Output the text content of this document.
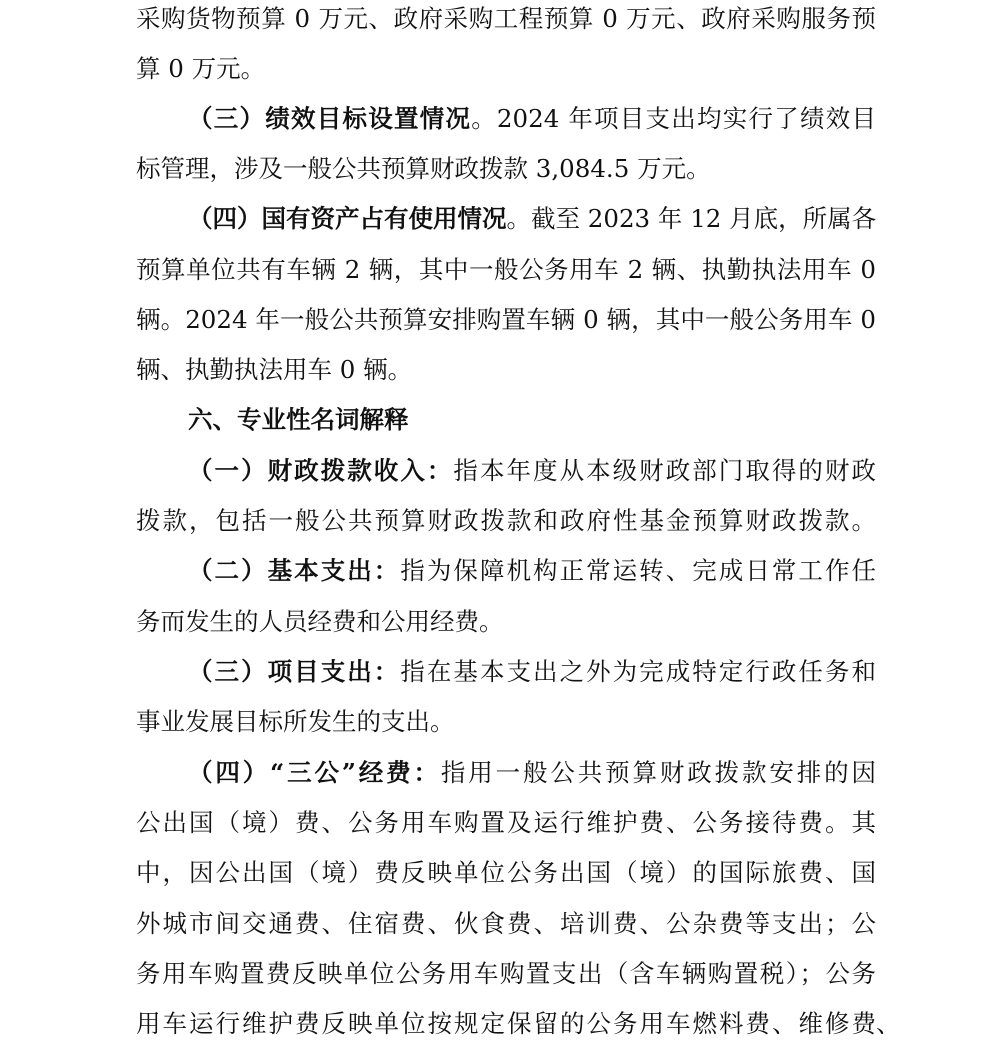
采购货物预算 0 万元、政府采购工程预算 0 万元、政府采购服务预
算 0 万元。
（三）绩效目标设置情况。2024 年项目支出均实行了绩效目
标管理，涉及一般公共预算财政拨款 3,084.5 万元。
（四）国有资产占有使用情况。截至 2023 年 12 月底，所属各
预算单位共有车辆 2 辆，其中一般公务用车 2 辆、执勤执法用车 0
辆。2024 年一般公共预算安排购置车辆 0 辆，其中一般公务用车 0
辆、执勤执法用车 0 辆。
六、专业性名词解释
（一）财政拨款收入：指本年度从本级财政部门取得的财政
拨款，包括一般公共预算财政拨款和政府性基金预算财政拨款。
（二）基本支出：指为保障机构正常运转、完成日常工作任
务而发生的人员经费和公用经费。
（三）项目支出：指在基本支出之外为完成特定行政任务和
事业发展目标所发生的支出。
（四）“三公”经费：指用一般公共预算财政拨款安排的因
公出国（境）费、公务用车购置及运行维护费、公务接待费。其
中，因公出国（境）费反映单位公务出国（境）的国际旅费、国
外城市间交通费、住宿费、伙食费、培训费、公杂费等支出；公
务用车购置费反映单位公务用车购置支出（含车辆购置税）；公务
用车运行维护费反映单位按规定保留的公务用车燃料费、维修费 、
